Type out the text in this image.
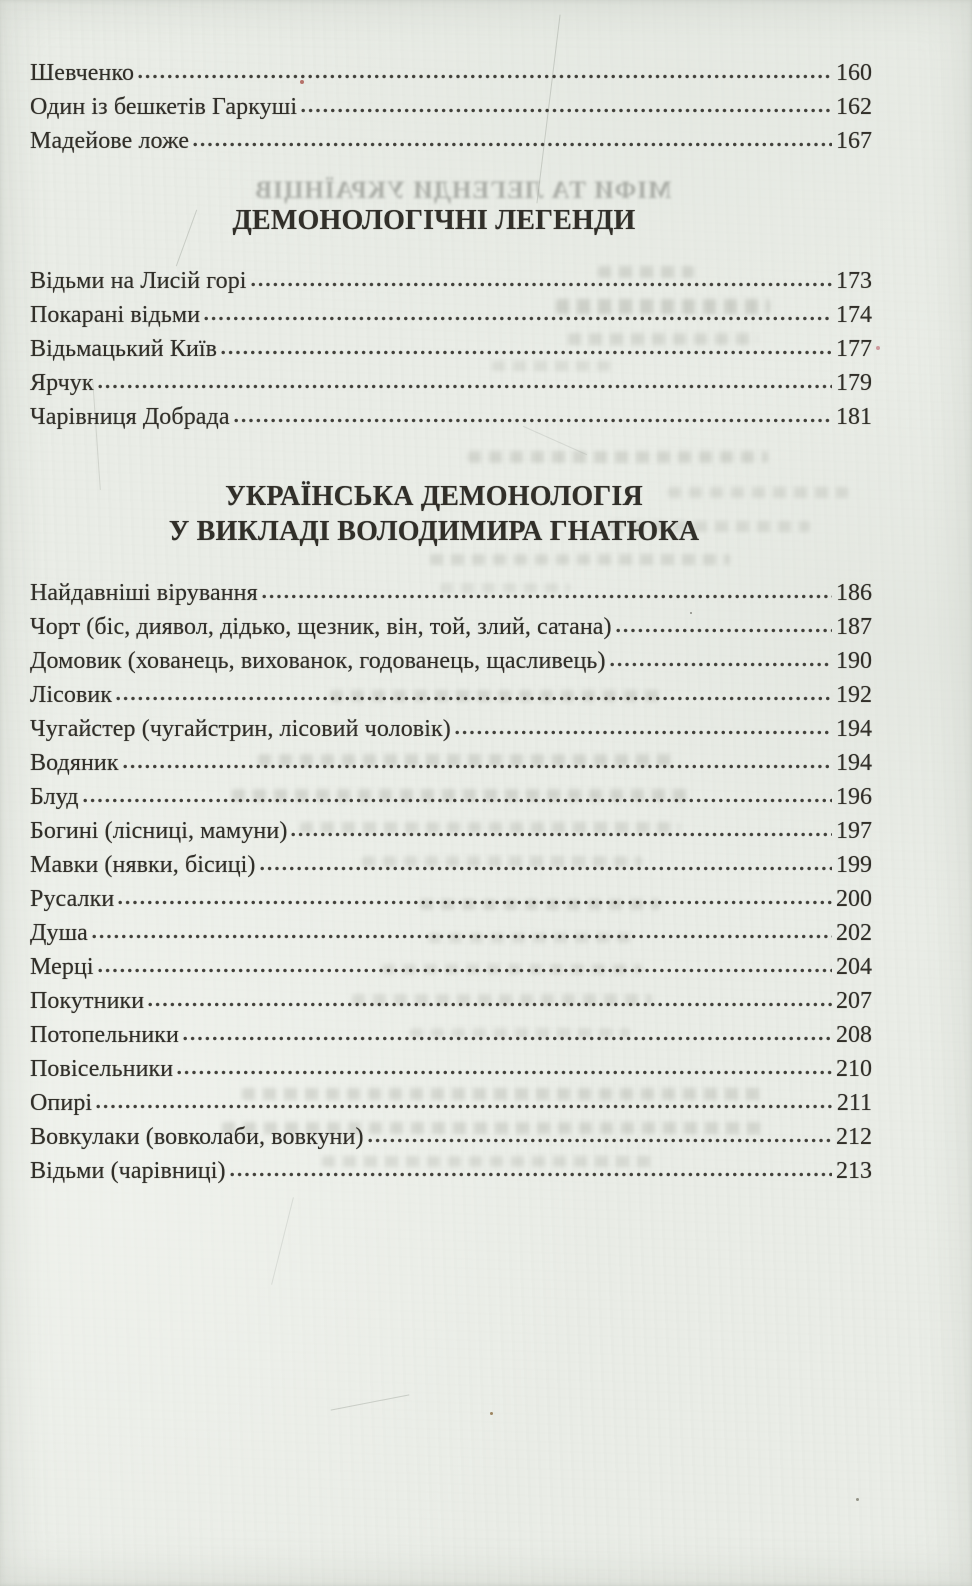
МІФИ ТА ЛЕГЕНДИ УКРАЇНЦІВ
Шевченко	160
Один із бешкетів Гаркуші	162
Мадейове ложе	167
ДЕМОНОЛОГІЧНІ ЛЕГЕНДИ
Відьми на Лисій горі	173
Покарані відьми	174
Відьмацький Київ	177
Ярчук	179
Чарівниця Добрада	181
УКРАЇНСЬКА ДЕМОНОЛОГІЯ
У ВИКЛАДІ ВОЛОДИМИРА ГНАТЮКА
Найдавніші вірування	186
Чорт (біс, диявол, дідько, щезник, він, той, злий, сатана)	187
Домовик (хованець, вихованок, годованець, щасливець)	190
Лісовик	192
Чугайстер (чугайстрин, лісовий чоловік)	194
Водяник	194
Блуд	196
Богині (лісниці, мамуни)	197
Мавки (нявки, бісиці)	199
Русалки	200
Душа	202
Мерці	204
Покутники	207
Потопельники	208
Повісельники	210
Опирі	211
Вовкулаки (вовколаби, вовкуни)	212
Відьми (чарівниці)	213
